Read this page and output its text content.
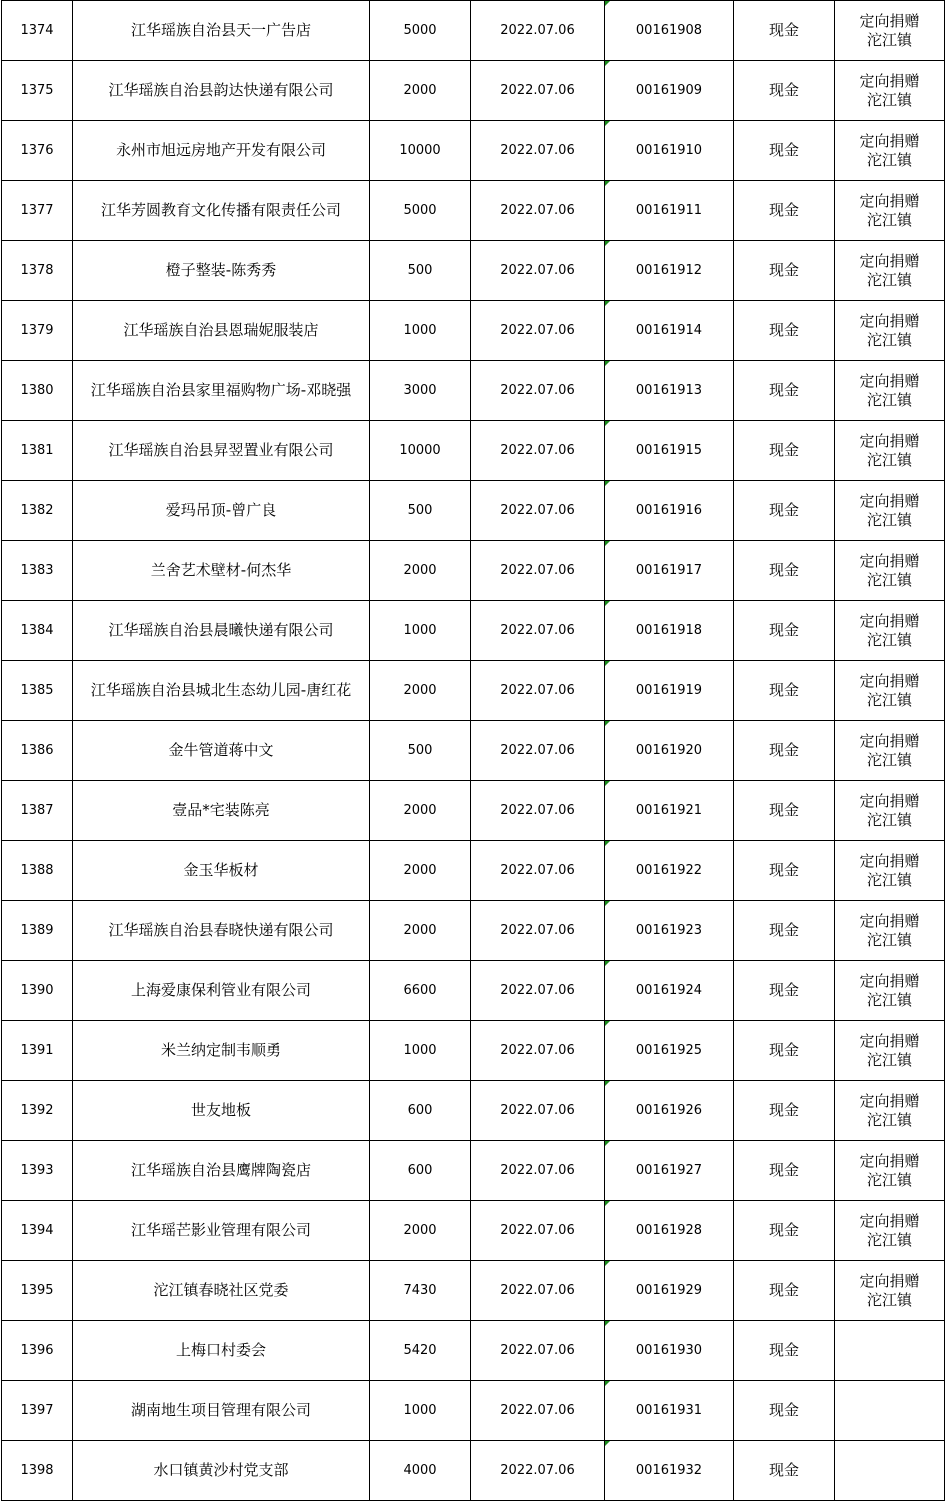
1374	江华瑶族自治县天一广告店	5000	2022.07.06	00161908	现金	定向捐赠
沱江镇

1375	江华瑶族自治县韵达快递有限公司	2000	2022.07.06	00161909	现金	定向捐赠
沱江镇

1376	永州市旭远房地产开发有限公司	10000	2022.07.06	00161910	现金	定向捐赠
沱江镇

1377	江华芳圆教育文化传播有限责任公司	5000	2022.07.06	00161911	现金	定向捐赠
沱江镇

1378	橙子整装-陈秀秀	500	2022.07.06	00161912	现金	定向捐赠
沱江镇

1379	江华瑶族自治县恩瑞妮服装店	1000	2022.07.06	00161914	现金	定向捐赠
沱江镇

1380	江华瑶族自治县家里福购物广场-邓晓强	3000	2022.07.06	00161913	现金	定向捐赠
沱江镇

1381	江华瑶族自治县昇翌置业有限公司	10000	2022.07.06	00161915	现金	定向捐赠
沱江镇

1382	爱玛吊顶-曾广良	500	2022.07.06	00161916	现金	定向捐赠
沱江镇

1383	兰舍艺术壁材-何杰华	2000	2022.07.06	00161917	现金	定向捐赠
沱江镇

1384	江华瑶族自治县晨曦快递有限公司	1000	2022.07.06	00161918	现金	定向捐赠
沱江镇

1385	江华瑶族自治县城北生态幼儿园-唐红花	2000	2022.07.06	00161919	现金	定向捐赠
沱江镇

1386	金牛管道蒋中文	500	2022.07.06	00161920	现金	定向捐赠
沱江镇

1387	壹品*宅装陈亮	2000	2022.07.06	00161921	现金	定向捐赠
沱江镇

1388	金玉华板材	2000	2022.07.06	00161922	现金	定向捐赠
沱江镇

1389	江华瑶族自治县春晓快递有限公司	2000	2022.07.06	00161923	现金	定向捐赠
沱江镇

1390	上海爱康保利管业有限公司	6600	2022.07.06	00161924	现金	定向捐赠
沱江镇

1391	米兰纳定制韦顺勇	1000	2022.07.06	00161925	现金	定向捐赠
沱江镇

1392	世友地板	600	2022.07.06	00161926	现金	定向捐赠
沱江镇

1393	江华瑶族自治县鹰牌陶瓷店	600	2022.07.06	00161927	现金	定向捐赠
沱江镇

1394	江华瑶芒影业管理有限公司	2000	2022.07.06	00161928	现金	定向捐赠
沱江镇

1395	沱江镇春晓社区党委	7430	2022.07.06	00161929	现金	定向捐赠
沱江镇

1396	上梅口村委会	5420	2022.07.06	00161930	现金	

1397	湖南地生项目管理有限公司	1000	2022.07.06	00161931	现金	

1398	水口镇黄沙村党支部	4000	2022.07.06	00161932	现金	
